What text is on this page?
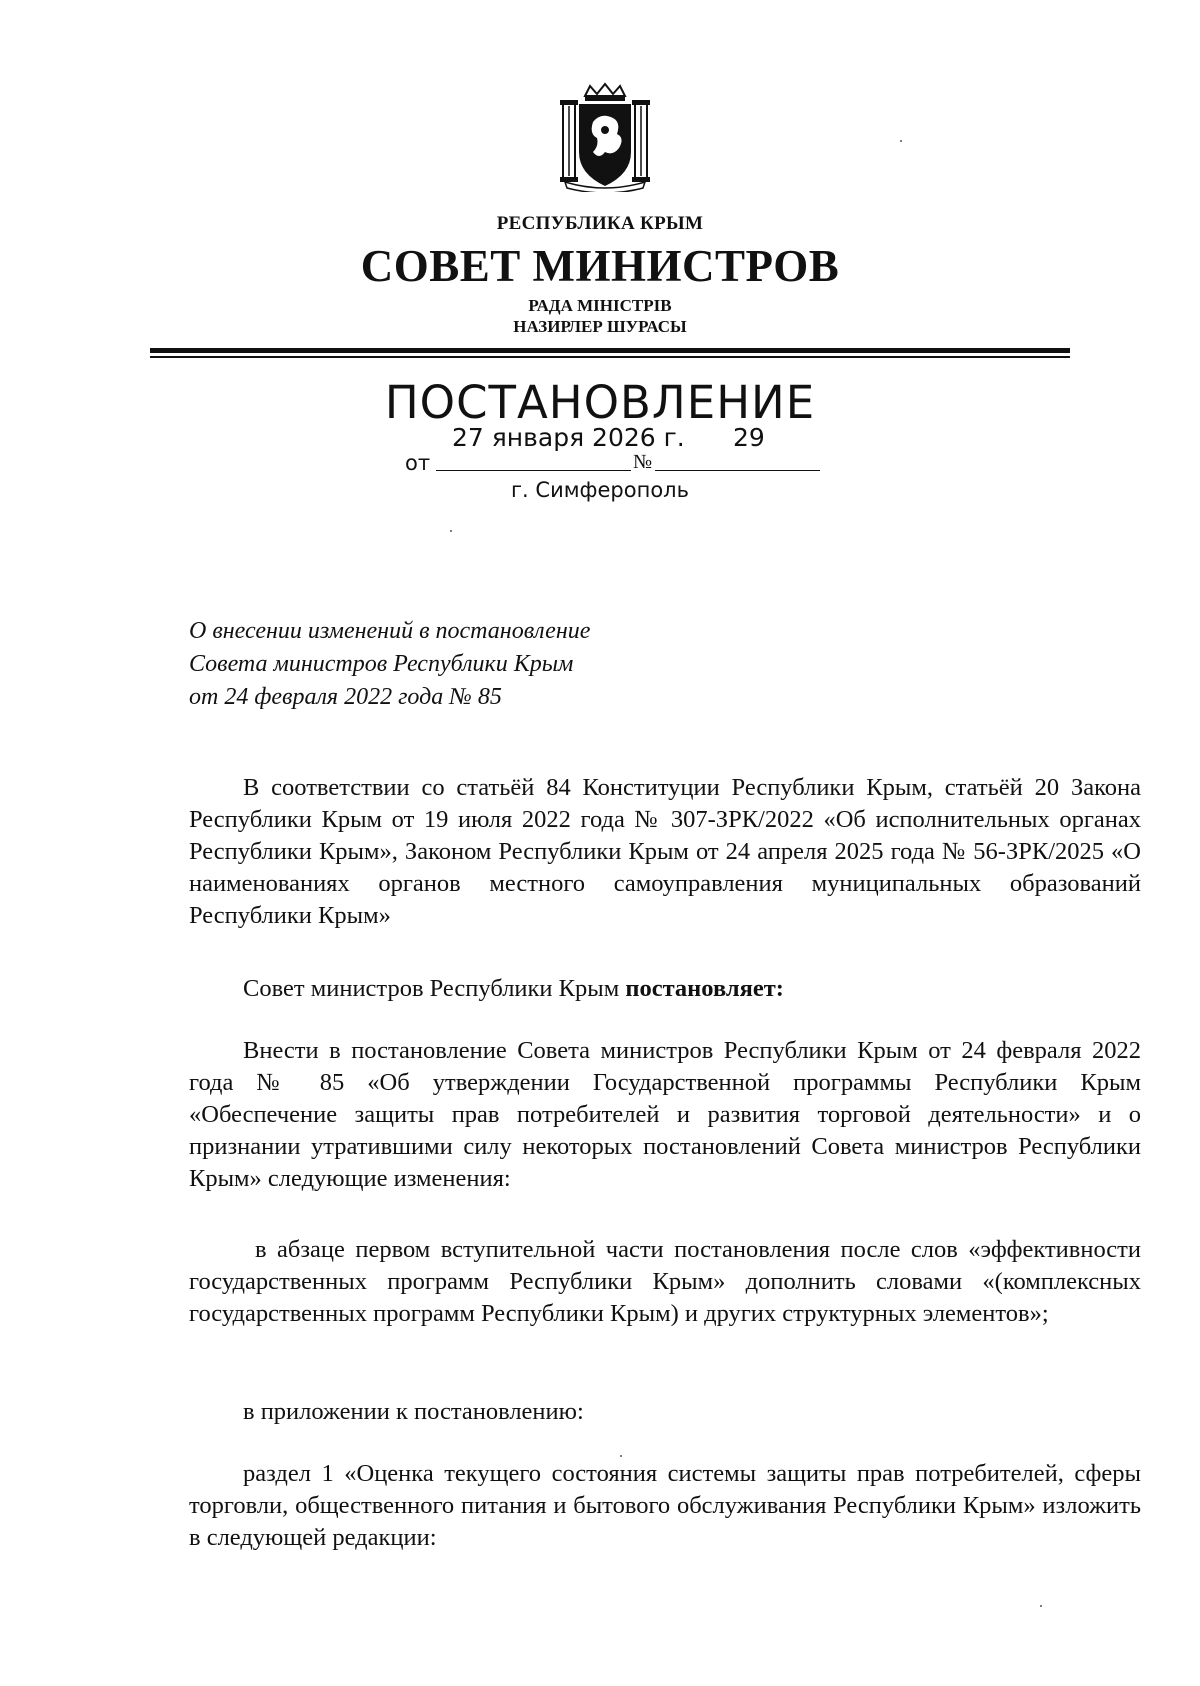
РЕСПУБЛИКА КРЫМ
СОВЕТ МИНИСТРОВ
РАДА МІНІСТРІВ
НАЗИРЛЕР ШУРАСЫ
ПОСТАНОВЛЕНИЕ
27 января 2026 г. 29
от	№
г. Симферополь
О внесении изменений в постановление
Совета министров Республики Крым
от 24 февраля 2022 года № 85
В соответствии со статьёй 84 Конституции Республики Крым, статьёй 20 Закона Республики Крым от 19 июля 2022 года № 307-ЗРК/2022 «Об исполнительных органах Республики Крым», Законом Республики Крым от 24 апреля 2025 года № 56-ЗРК/2025 «О наименованиях органов местного самоуправления муниципальных образований Республики Крым»
Совет министров Республики Крым постановляет:
Внести в постановление Совета министров Республики Крым от 24 февраля 2022 года № 85 «Об утверждении Государственной программы Республики Крым «Обеспечение защиты прав потребителей и развития торговой деятельности» и о признании утратившими силу некоторых постановлений Совета министров Республики Крым» следующие изменения:
в абзаце первом вступительной части постановления после слов «эффективности государственных программ Республики Крым» дополнить словами «(комплексных государственных программ Республики Крым) и других структурных элементов»;
в приложении к постановлению:
раздел 1 «Оценка текущего состояния системы защиты прав потребителей, сферы торговли, общественного питания и бытового обслуживания Республики Крым» изложить в следующей редакции:
